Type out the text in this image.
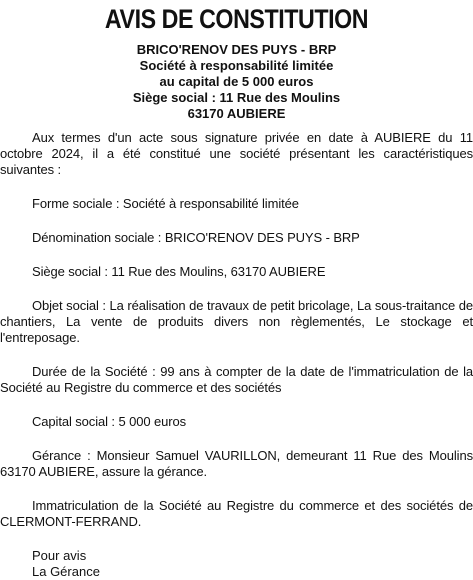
AVIS DE CONSTITUTION
BRICO'RENOV DES PUYS - BRP
Société à responsabilité limitée
au capital de 5 000 euros
Siège social : 11 Rue des Moulins
63170 AUBIERE

Aux termes d'un acte sous signature privée en date à AUBIERE du 11 octobre 2024, il a été constitué une société présentant les caractéristiques suivantes :

Forme sociale : Société à responsabilité limitée

Dénomination sociale : BRICO'RENOV DES PUYS - BRP

Siège social : 11 Rue des Moulins, 63170 AUBIERE

Objet social : La réalisation de travaux de petit bricolage, La sous-traitance de chantiers, La vente de produits divers non règlementés, Le stockage et l'entreposage.

Durée de la Société : 99 ans à compter de la date de l'immatriculation de la Société au Registre du commerce et des sociétés

Capital social : 5 000 euros

Gérance : Monsieur Samuel VAURILLON, demeurant 11 Rue des Moulins 63170 AUBIERE, assure la gérance.

Immatriculation de la Société au Registre du commerce et des sociétés de CLERMONT-FERRAND.

Pour avis
La Gérance
